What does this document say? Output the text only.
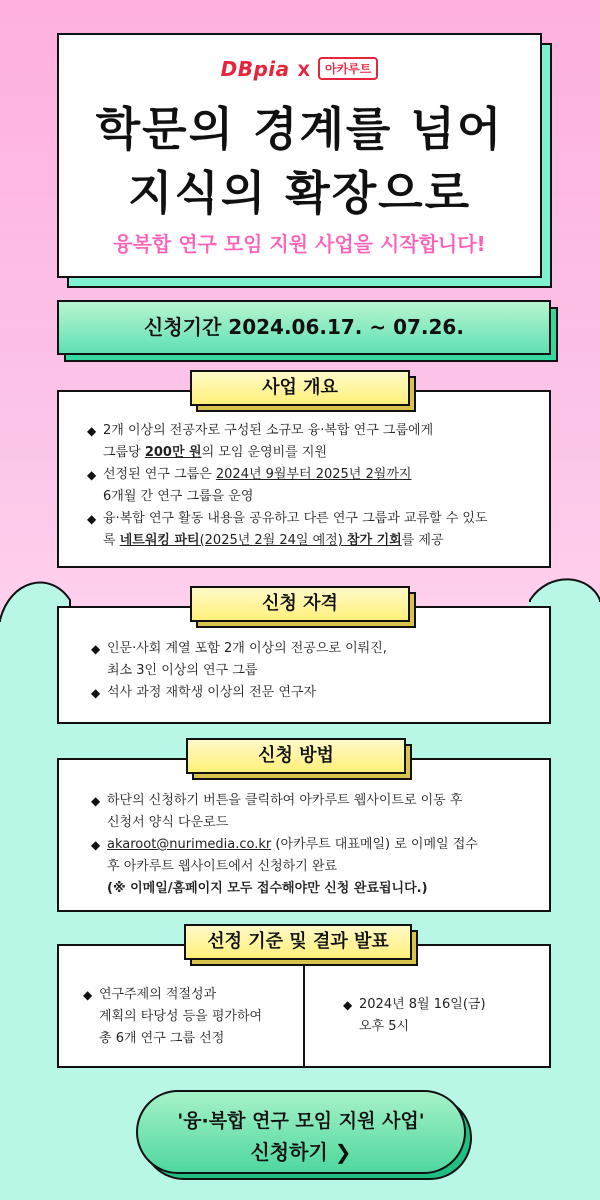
DBpia X 아카루트
학문의 경계를 넘어
지식의 확장으로
융복합 연구 모임 지원 사업을 시작합니다!
신청기간 2024.06.17. ~ 07.26.
◆ 2개 이상의 전공자로 구성된 소규모 융·복합 연구 그룹에게
그룹당 200만 원의 모임 운영비를 지원
◆ 선정된 연구 그룹은 2024년 9월부터 2025년 2월까지
6개월 간 연구 그룹을 운영
◆ 융·복합 연구 활동 내용을 공유하고 다른 연구 그룹과 교류할 수 있도
록 네트워킹 파티(2025년 2월 24일 예정) 참가 기회를 제공
사업 개요
◆ 인문·사회 계열 포함 2개 이상의 전공으로 이뤄진,
최소 3인 이상의 연구 그룹
◆ 석사 과정 재학생 이상의 전문 연구자
신청 자격
◆ 하단의 신청하기 버튼을 클릭하여 아카루트 웹사이트로 이동 후
신청서 양식 다운로드
◆ akaroot@nurimedia.co.kr (아카루트 대표메일) 로 이메일 접수
후 아카루트 웹사이트에서 신청하기 완료
(※ 이메일/홈페이지 모두 접수해야만 신청 완료됩니다.)
신청 방법
◆ 연구주제의 적절성과
계획의 타당성 등을 평가하여
총 6개 연구 그룹 선정
◆ 2024년 8월 16일(금)
오후 5시
선정 기준 및 결과 발표
'융·복합 연구 모임 지원 사업'
신청하기 ❯
